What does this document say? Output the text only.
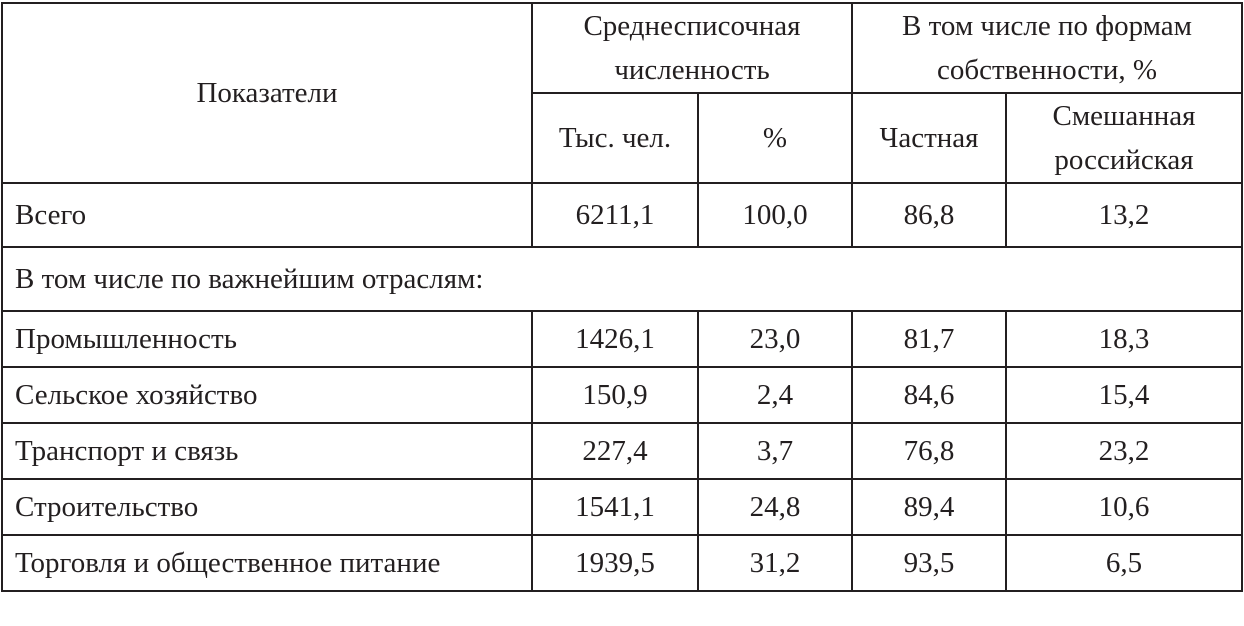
Показатели	Среднесписочная численность		В том числе по формам собственности, %	
	Тыс. чел.	%	Частная	Смешанная российская
Всего	6211,1	100,0	86,8	13,2
В том числе по важнейшим отраслям:				
Промышленность	1426,1	23,0	81,7	18,3
Сельское хозяйство	150,9	2,4	84,6	15,4
Транспорт и связь	227,4	3,7	76,8	23,2
Строительство	1541,1	24,8	89,4	10,6
Торговля и общественное питание	1939,5	31,2	93,5	6,5
